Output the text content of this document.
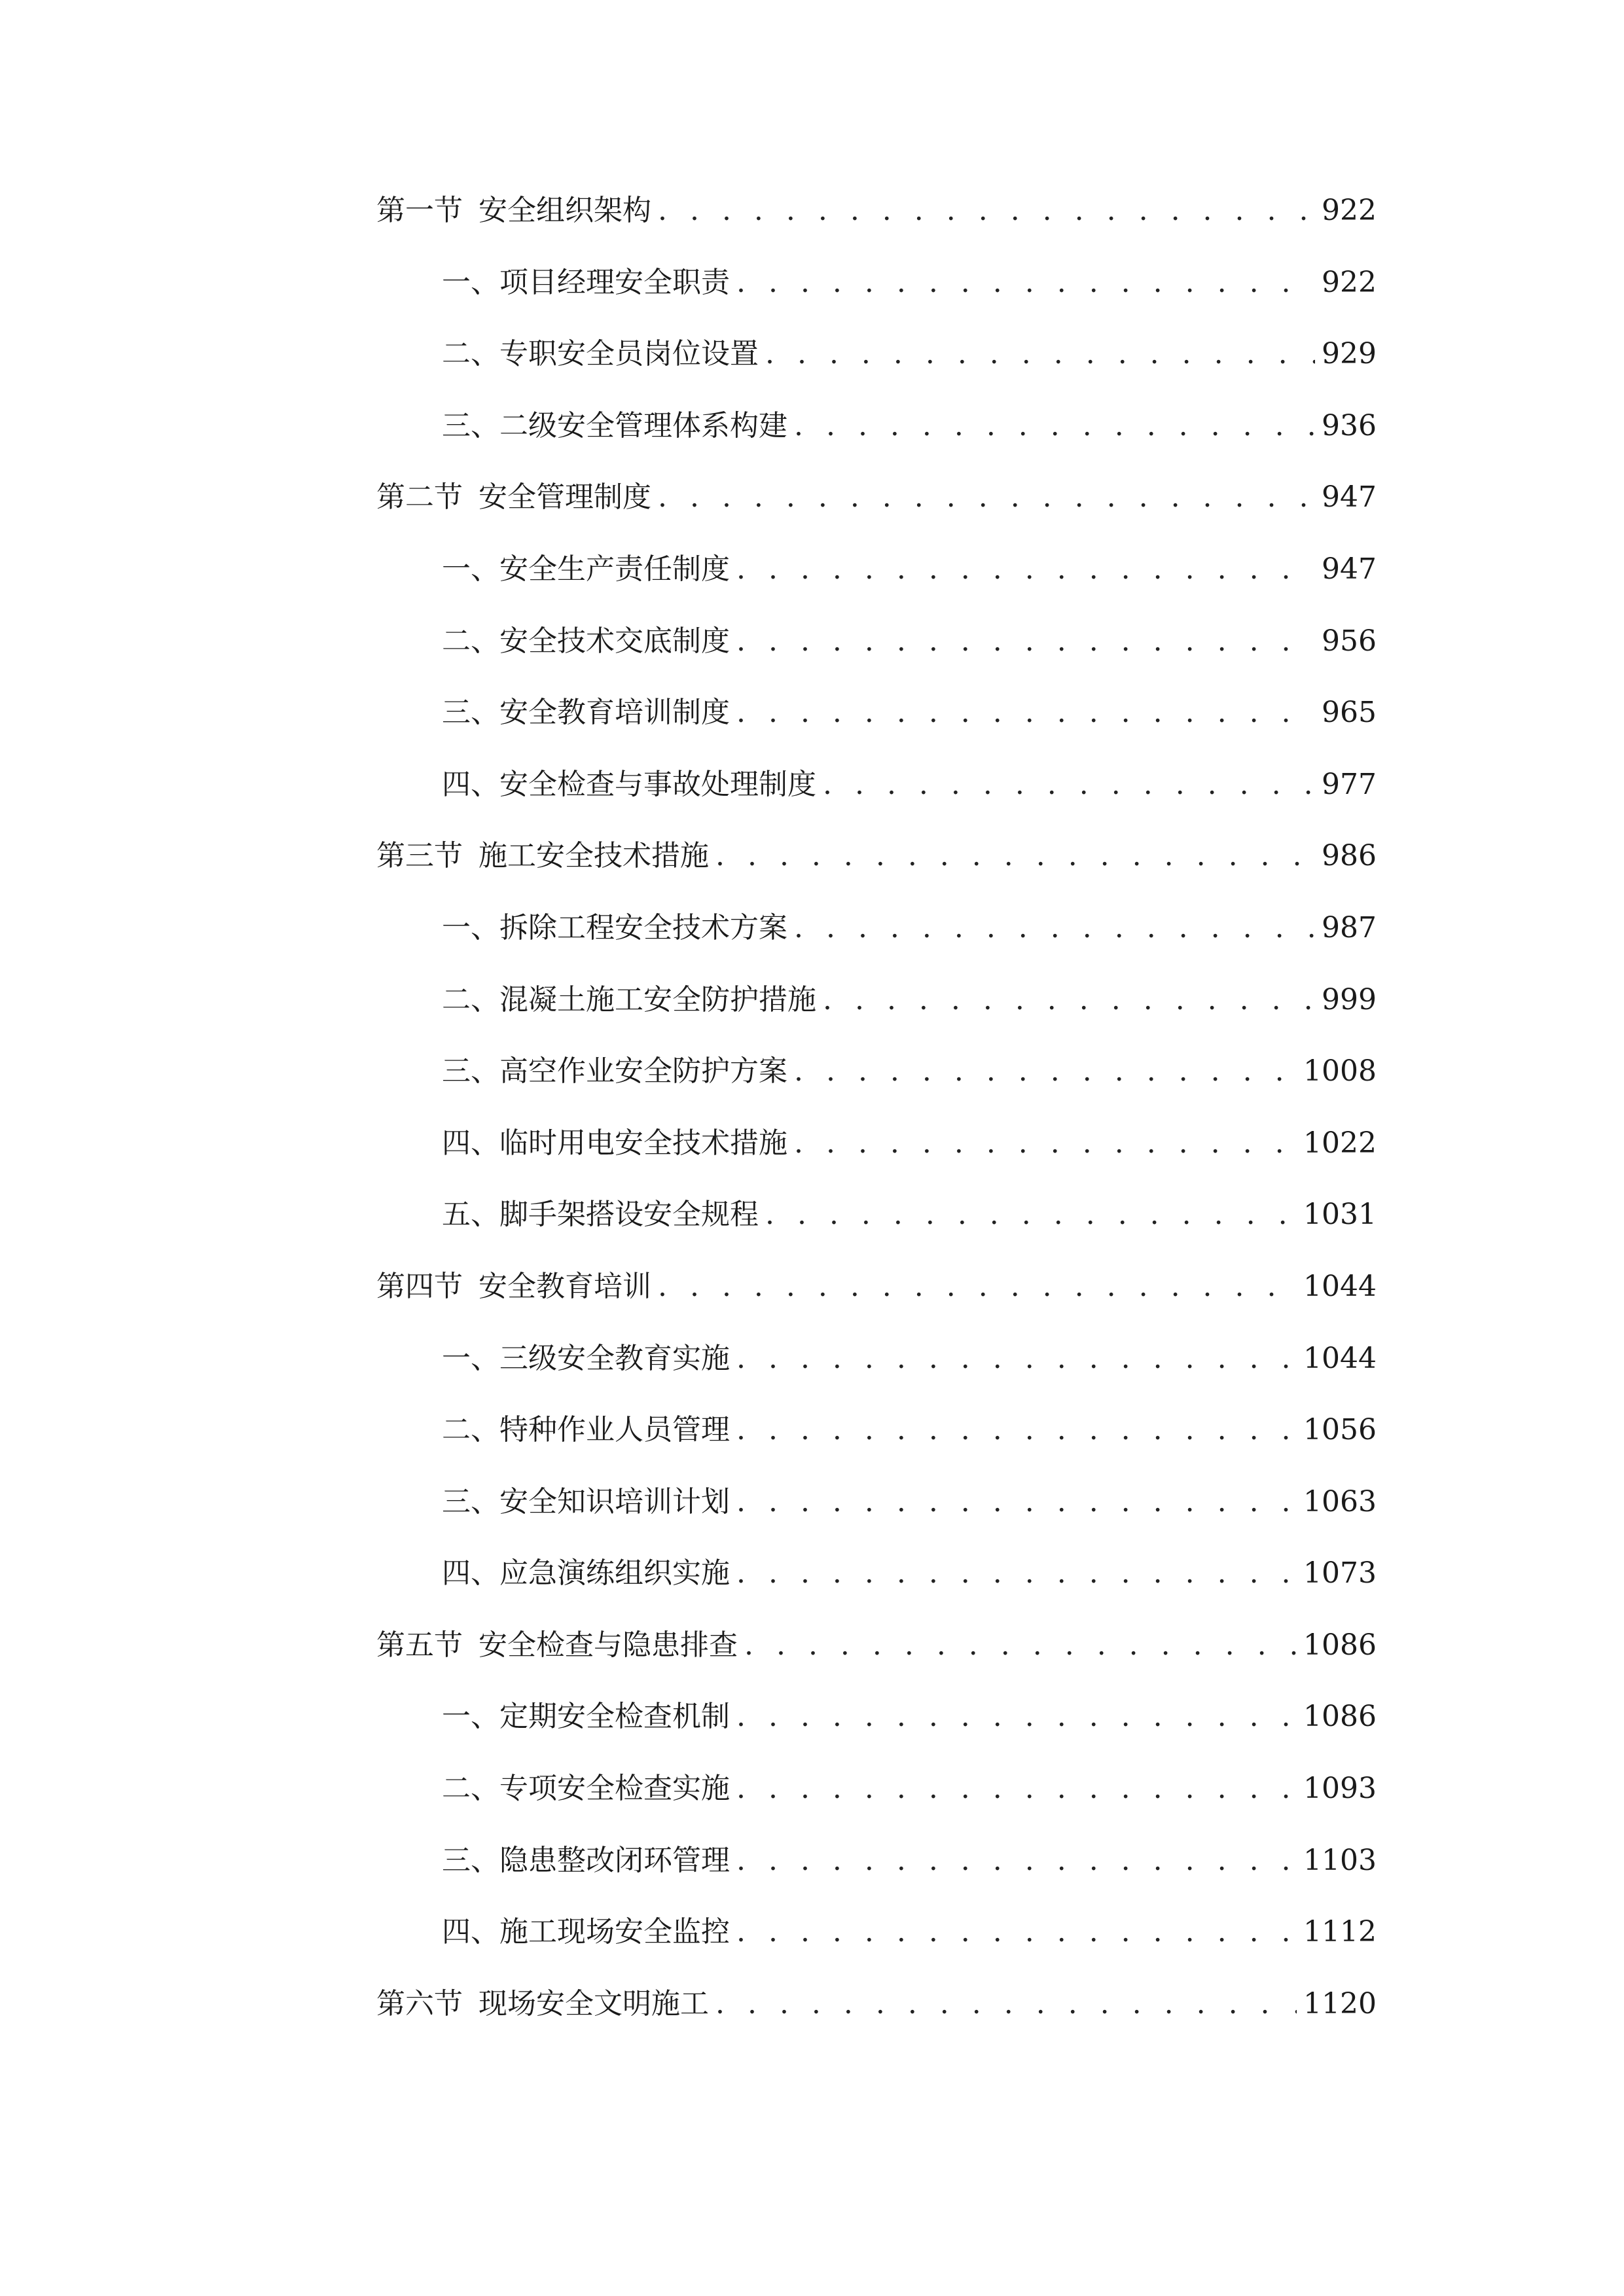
第一节 安全组织架构 . . .	922
一、 项目经理安全职责 . . .	922
二、 专职安全员岗位设置 . . .	929
三、 二级安全管理体系构建 . . .	936
第二节 安全管理制度 . . .	947
一、 安全生产责任制度 . . .	947
二、 安全技术交底制度 . . .	956
三、 安全教育培训制度 . . .	965
四、 安全检查与事故处理制度 . . .	977
第三节 施工安全技术措施 . . .	986
一、 拆除工程安全技术方案 . . .	987
二、 混凝土施工安全防护措施 . . .	999
三、 高空作业安全防护方案 . . .	1008
四、 临时用电安全技术措施 . . .	1022
五、 脚手架搭设安全规程 . . .	1031
第四节 安全教育培训 . . .	1044
一、 三级安全教育实施 . . .	1044
二、 特种作业人员管理 . . .	1056
三、 安全知识培训计划 . . .	1063
四、 应急演练组织实施 . . .	1073
第五节 安全检查与隐患排查 . . .	1086
一、 定期安全检查机制 . . .	1086
二、 专项安全检查实施 . . .	1093
三、 隐患整改闭环管理 . . .	1103
四、 施工现场安全监控 . . .	1112
第六节 现场安全文明施工 . . .	1120
